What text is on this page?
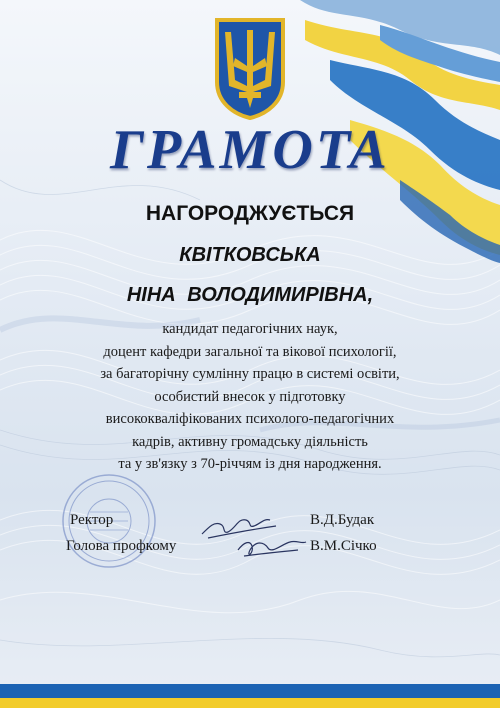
ГРАМОТА
НАГОРОДЖУЄТЬСЯ
КВІТКОВСЬКА
НІНА ВОЛОДИМИРІВНА,
кандидат педагогічних наук,
доцент кафедри загальної та вікової психології,
за багаторічну сумлінну працю в системі освіти,
особистий внесок у підготовку
висококваліфікованих психолого-педагогічних
кадрів, активну громадську діяльність
та у зв'язку з 70-річчям із дня народження.
Ректор	В.Д.Будак
Голова профкому	В.М.Січко
